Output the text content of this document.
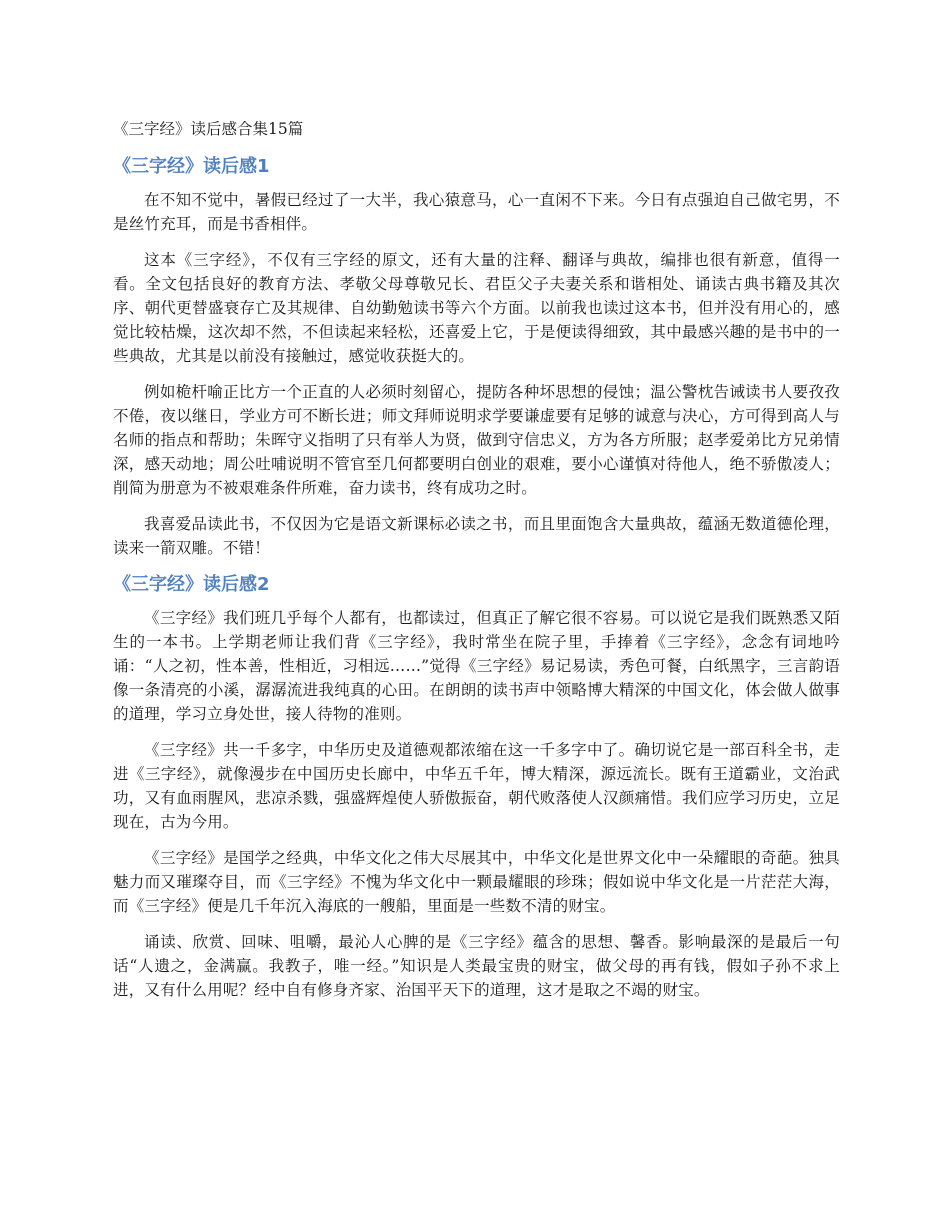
《三字经》读后感合集15篇
《三字经》读后感1

在不知不觉中，暑假已经过了一大半，我心猿意马，心一直闲不下来。今日有点强迫自己做宅男，不是丝竹充耳，而是书香相伴。

这本《三字经》，不仅有三字经的原文，还有大量的注释、翻译与典故，编排也很有新意，值得一看。全文包括良好的教育方法、孝敬父母尊敬兄长、君臣父子夫妻关系和谐相处、诵读古典书籍及其次序、朝代更替盛衰存亡及其规律、自幼勤勉读书等六个方面。以前我也读过这本书，但并没有用心的，感觉比较枯燥，这次却不然，不但读起来轻松，还喜爱上它，于是便读得细致，其中最感兴趣的是书中的一些典故，尤其是以前没有接触过，感觉收获挺大的。

例如桅杆喻正比方一个正直的人必须时刻留心，提防各种坏思想的侵蚀；温公警枕告诫读书人要孜孜不倦，夜以继日，学业方可不断长进；师文拜师说明求学要谦虚要有足够的诚意与决心，方可得到高人与名师的指点和帮助；朱晖守义指明了只有举人为贤，做到守信忠义，方为各方所服；赵孝爱弟比方兄弟情深，感天动地；周公吐哺说明不管官至几何都要明白创业的艰难，要小心谨慎对待他人，绝不骄傲凌人；削简为册意为不被艰难条件所难，奋力读书，终有成功之时。

我喜爱品读此书，不仅因为它是语文新课标必读之书，而且里面饱含大量典故，蕴涵无数道德伦理，读来一箭双雕。不错！

《三字经》读后感2

《三字经》我们班几乎每个人都有，也都读过，但真正了解它很不容易。可以说它是我们既熟悉又陌生的一本书。上学期老师让我们背《三字经》，我时常坐在院子里，手捧着《三字经》，念念有词地吟诵：“人之初，性本善，性相近，习相远……”觉得《三字经》易记易读，秀色可餐，白纸黑字，三言韵语像一条清亮的小溪，潺潺流进我纯真的心田。在朗朗的读书声中领略博大精深的中国文化，体会做人做事的道理，学习立身处世，接人待物的准则。

《三字经》共一千多字，中华历史及道德观都浓缩在这一千多字中了。确切说它是一部百科全书，走进《三字经》，就像漫步在中国历史长廊中，中华五千年，博大精深，源远流长。既有王道霸业，文治武功，又有血雨腥风，悲凉杀戮，强盛辉煌使人骄傲振奋，朝代败落使人汉颜痛惜。我们应学习历史，立足现在，古为今用。

《三字经》是国学之经典，中华文化之伟大尽展其中，中华文化是世界文化中一朵耀眼的奇葩。独具魅力而又璀璨夺目，而《三字经》不愧为华文化中一颗最耀眼的珍珠；假如说中华文化是一片茫茫大海，而《三字经》便是几千年沉入海底的一艘船，里面是一些数不清的财宝。

诵读、欣赏、回味、咀嚼，最沁人心脾的是《三字经》蕴含的思想、馨香。影响最深的是最后一句话“人遗之，金满赢。我教子，唯一经。”知识是人类最宝贵的财宝，做父母的再有钱，假如子孙不求上进，又有什么用呢？经中自有修身齐家、治国平天下的道理，这才是取之不竭的财宝。
